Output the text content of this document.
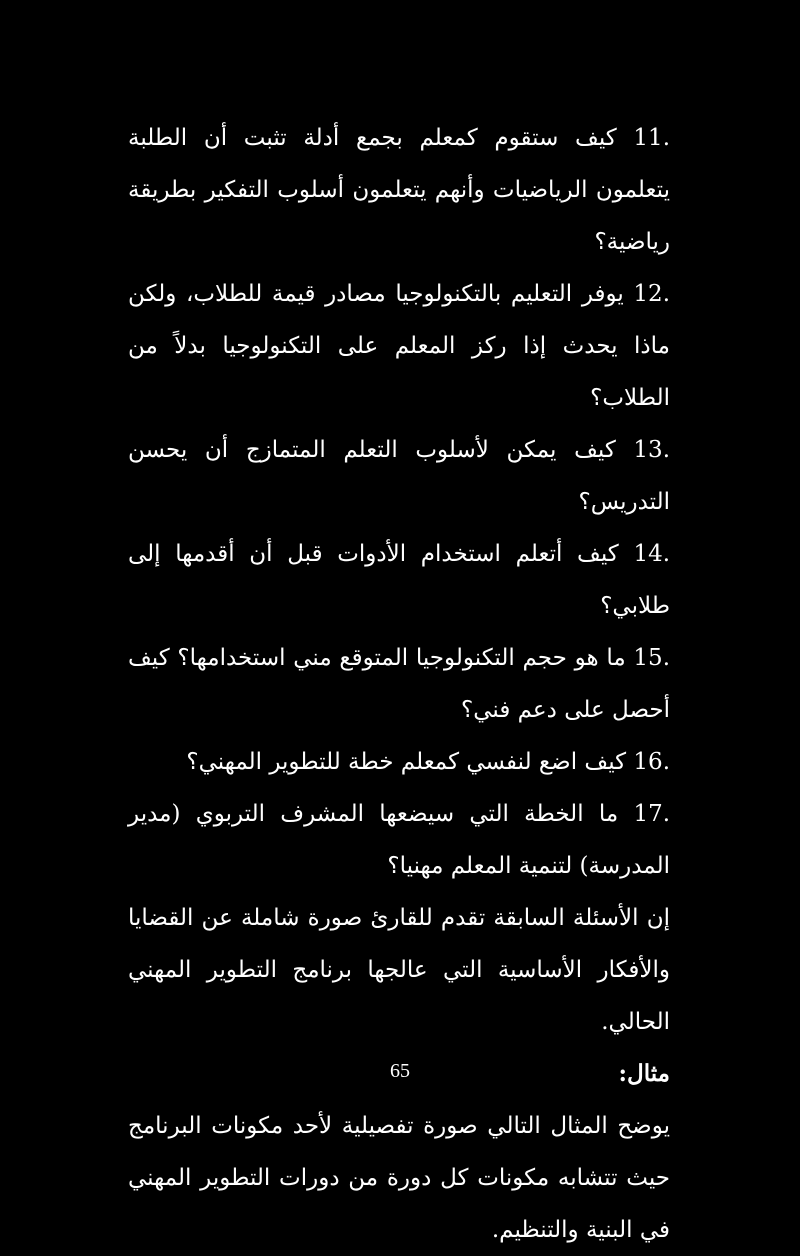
11. كيف ستقوم كمعلم بجمع أدلة تثبت أن الطلبة يتعلمون الرياضيات وأنهم يتعلمون أسلوب التفكير بطريقة رياضية؟

12. يوفر التعليم بالتكنولوجيا مصادر قيمة للطلاب، ولكن ماذا يحدث إذا ركز المعلم على التكنولوجيا بدلاً من الطلاب؟

13. كيف يمكن لأسلوب التعلم المتمازج أن يحسن التدريس؟

14. كيف أتعلم استخدام الأدوات قبل أن أقدمها إلى طلابي؟

15. ما هو حجم التكنولوجيا المتوقع مني استخدامها؟ كيف أحصل على دعم فني؟

16. كيف اضع لنفسي كمعلم خطة للتطوير المهني؟

17. ما الخطة التي سيضعها المشرف التربوي (مدير المدرسة) لتنمية المعلم مهنيا؟

إن الأسئلة السابقة تقدم للقارئ صورة شاملة عن القضايا والأفكار الأساسية التي عالجها برنامج التطوير المهني الحالي.

مثال:

يوضح المثال التالي صورة تفصيلية لأحد مكونات البرنامج حيث تتشابه مكونات كل دورة من دورات التطوير المهني في البنية والتنظيم.

65
